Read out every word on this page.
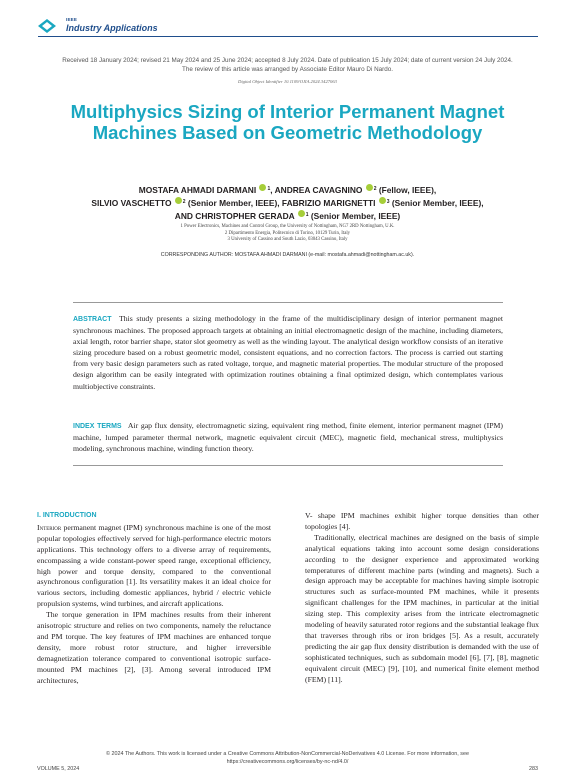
IEEE
Industry Applications
Received 18 January 2024; revised 21 May 2024 and 25 June 2024; accepted 8 July 2024. Date of publication 15 July 2024; date of current version 24 July 2024. The review of this article was arranged by Associate Editor Mauro Di Nardo.
Digital Object Identifier 10.1109/OJIA.2024.3427063
Multiphysics Sizing of Interior Permanent Magnet Machines Based on Geometric Methodology
MOSTAFA AHMADI DARMANI $^1$, ANDREA CAVAGNINO $^2$ (Fellow, IEEE),
SILVIO VASCHETTO $^2$ (Senior Member, IEEE), FABRIZIO MARIGNETTI $^3$ (Senior Member, IEEE),
AND CHRISTOPHER GERADA $^1$ (Senior Member, IEEE)
1 Power Electronics, Machines and Control Group, the University of Nottingham, NG7 2RD Nottingham, U.K.
2 Dipartimento Energia, Politecnico di Torino, 10129 Turin, Italy
3 University of Cassino and South Lazio, 03043 Cassino, Italy
CORRESPONDING AUTHOR: MOSTAFA AHMADI DARMANI (e-mail: mostafa.ahmadi@nottingham.ac.uk).
ABSTRACT This study presents a sizing methodology in the frame of the multidisciplinary design of interior permanent magnet synchronous machines. The proposed approach targets at obtaining an initial electromagnetic design of the machine, including diameters, axial length, rotor barrier shape, stator slot geometry as well as the winding layout. The analytical design workflow consists of an iterative sizing procedure based on a robust geometric model, consistent equations, and no correction factors. The process is carried out starting from very basic design parameters such as rated voltage, torque, and magnetic material properties. The modular structure of the proposed design algorithm can be easily integrated with optimization routines obtaining a final optimized design, which contemplates various multiobjective constraints.
INDEX TERMS Air gap flux density, electromagnetic sizing, equivalent ring method, finite element, interior permanent magnet (IPM) machine, lumped parameter thermal network, magnetic equivalent circuit (MEC), magnetic field, mechanical stress, multiphysics modeling, synchronous machine, winding function theory.
I. INTRODUCTION

Interior permanent magnet (IPM) synchronous machine is one of the most popular topologies effectively served for high-performance electric motors applications. This technology offers to a diverse array of requirements, encompassing a wide constant-power speed range, exceptional efficiency, high power and torque density, compared to the conventional asynchronous configuration [1]. Its versatility makes it an ideal choice for various sectors, including domestic appliances, hybrid / electric vehicle propulsion systems, wind turbines, and aircraft applications.

The torque generation in IPM machines results from their inherent anisotropic structure and relies on two components, namely the reluctance and PM torque. The key features of IPM machines are enhanced torque density, more robust rotor structure, and higher irreversible demagnetization tolerance compared to conventional isotropic surface-mounted PM machines [2], [3]. Among several introduced IPM architectures,

V- shape IPM machines exhibit higher torque densities than other topologies [4].

Traditionally, electrical machines are designed on the basis of simple analytical equations taking into account some design considerations according to the designer experience and approximated working temperatures of different machine parts (winding and magnets). Such a design approach may be acceptable for machines having simple isotropic structures such as surface-mounted PM machines, while it presents significant challenges for the IPM machines, in particular at the initial sizing step. This complexity arises from the intricate electromagnetic modeling of heavily saturated rotor regions and the substantial leakage flux that traverses through ribs or iron bridges [5]. As a result, accurately predicting the air gap flux density distribution is demanded with the use of sophisticated techniques, such as subdomain model [6], [7], [8], magnetic equivalent circuit (MEC) [9], [10], and numerical finite element method (FEM) [11].

© 2024 The Authors. This work is licensed under a Creative Commons Attribution-NonCommercial-NoDerivatives 4.0 License. For more information, see
https://creativecommons.org/licenses/by-nc-nd/4.0/
VOLUME 5, 2024	283
